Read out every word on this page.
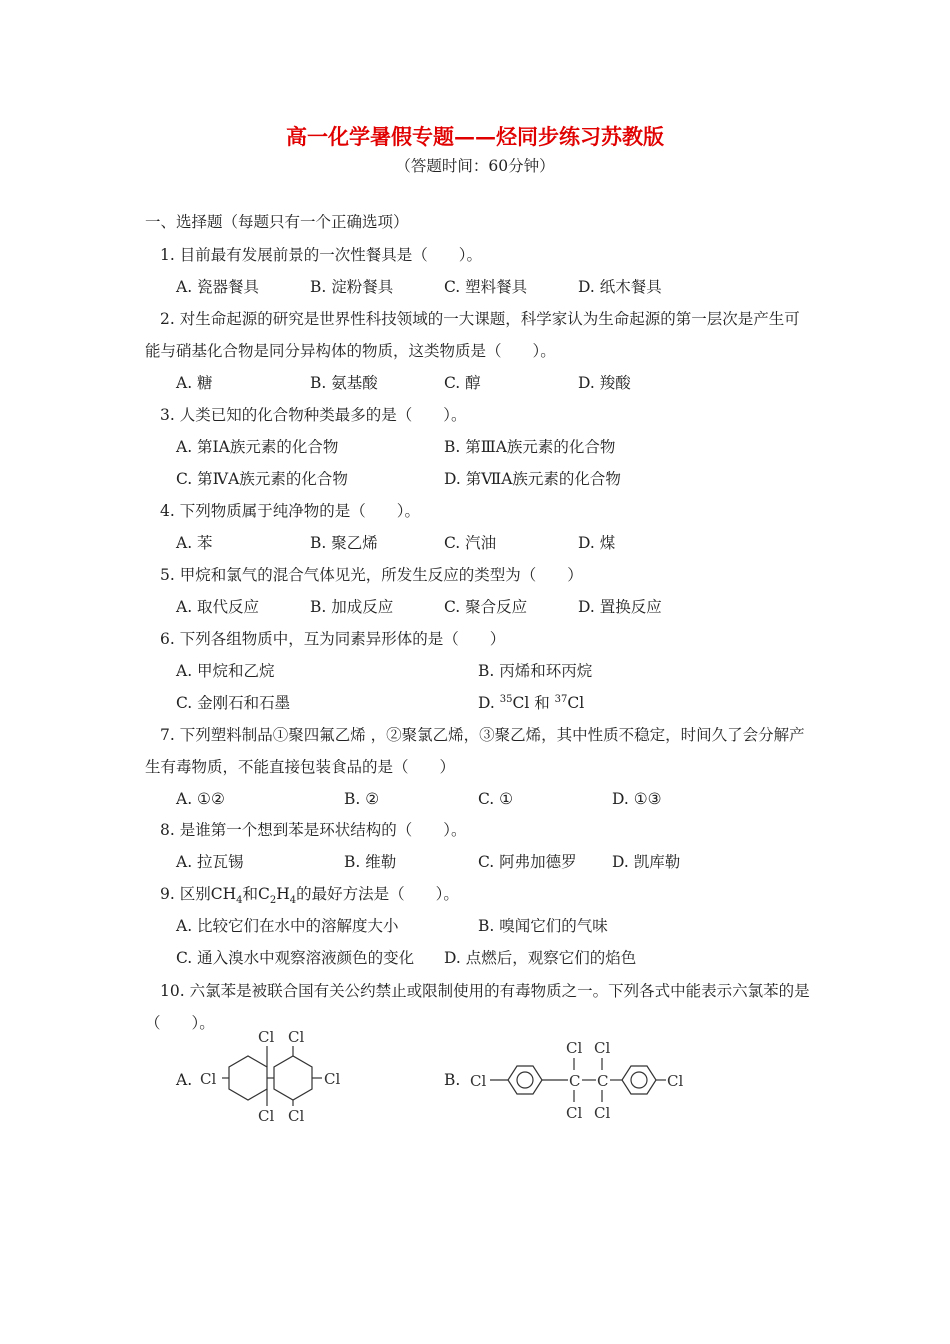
高一化学暑假专题——烃同步练习苏教版
（答题时间：60分钟）
一、选择题（每题只有一个正确选项）
1. 目前最有发展前景的一次性餐具是（　　）。
A. 瓷器餐具	B. 淀粉餐具	C. 塑料餐具	D. 纸木餐具
2. 对生命起源的研究是世界性科技领域的一大课题，科学家认为生命起源的第一层次是产生可能与硝基化合物是同分异构体的物质，这类物质是（　　）。
A. 糖	B. 氨基酸	C. 醇	D. 羧酸
3. 人类已知的化合物种类最多的是（　　）。
A. 第ⅠA族元素的化合物	B. 第ⅢA族元素的化合物
C. 第ⅣA族元素的化合物	D. 第ⅦA族元素的化合物
4. 下列物质属于纯净物的是（　　）。
A. 苯	B. 聚乙烯	C. 汽油	D. 煤
5. 甲烷和氯气的混合气体见光，所发生反应的类型为（　　）
A. 取代反应	B. 加成反应	C. 聚合反应	D. 置换反应
6. 下列各组物质中，互为同素异形体的是（　　）
A. 甲烷和乙烷	B. 丙烯和环丙烷
C. 金刚石和石墨	D. $^{35}$Cl 和 $^{37}$Cl
7. 下列塑料制品①聚四氟乙烯 ，②聚氯乙烯，③聚乙烯，其中性质不稳定，时间久了会分解产生有毒物质，不能直接包装食品的是（　　）
A. ①②	B. ②	C. ①	D. ①③
8. 是谁第一个想到苯是环状结构的（　　）。
A. 拉瓦锡	B. 维勒	C. 阿弗加德罗 D. 凯库勒
9. 区别$CH_4$和$C_2H_4$的最好方法是（　　）。
A. 比较它们在水中的溶解度大小	B. 嗅闻它们的气味
C. 通入溴水中观察溶液颜色的变化 D. 点燃后，观察它们的焰色
10. 六氯苯是被联合国有关公约禁止或限制使用的有毒物质之一。下列各式中能表示六氯苯的是（　　）。
A.	B.
Cl
Cl Cl
Cl
Cl Cl
Cl	C C	Cl
Cl Cl
Cl Cl
